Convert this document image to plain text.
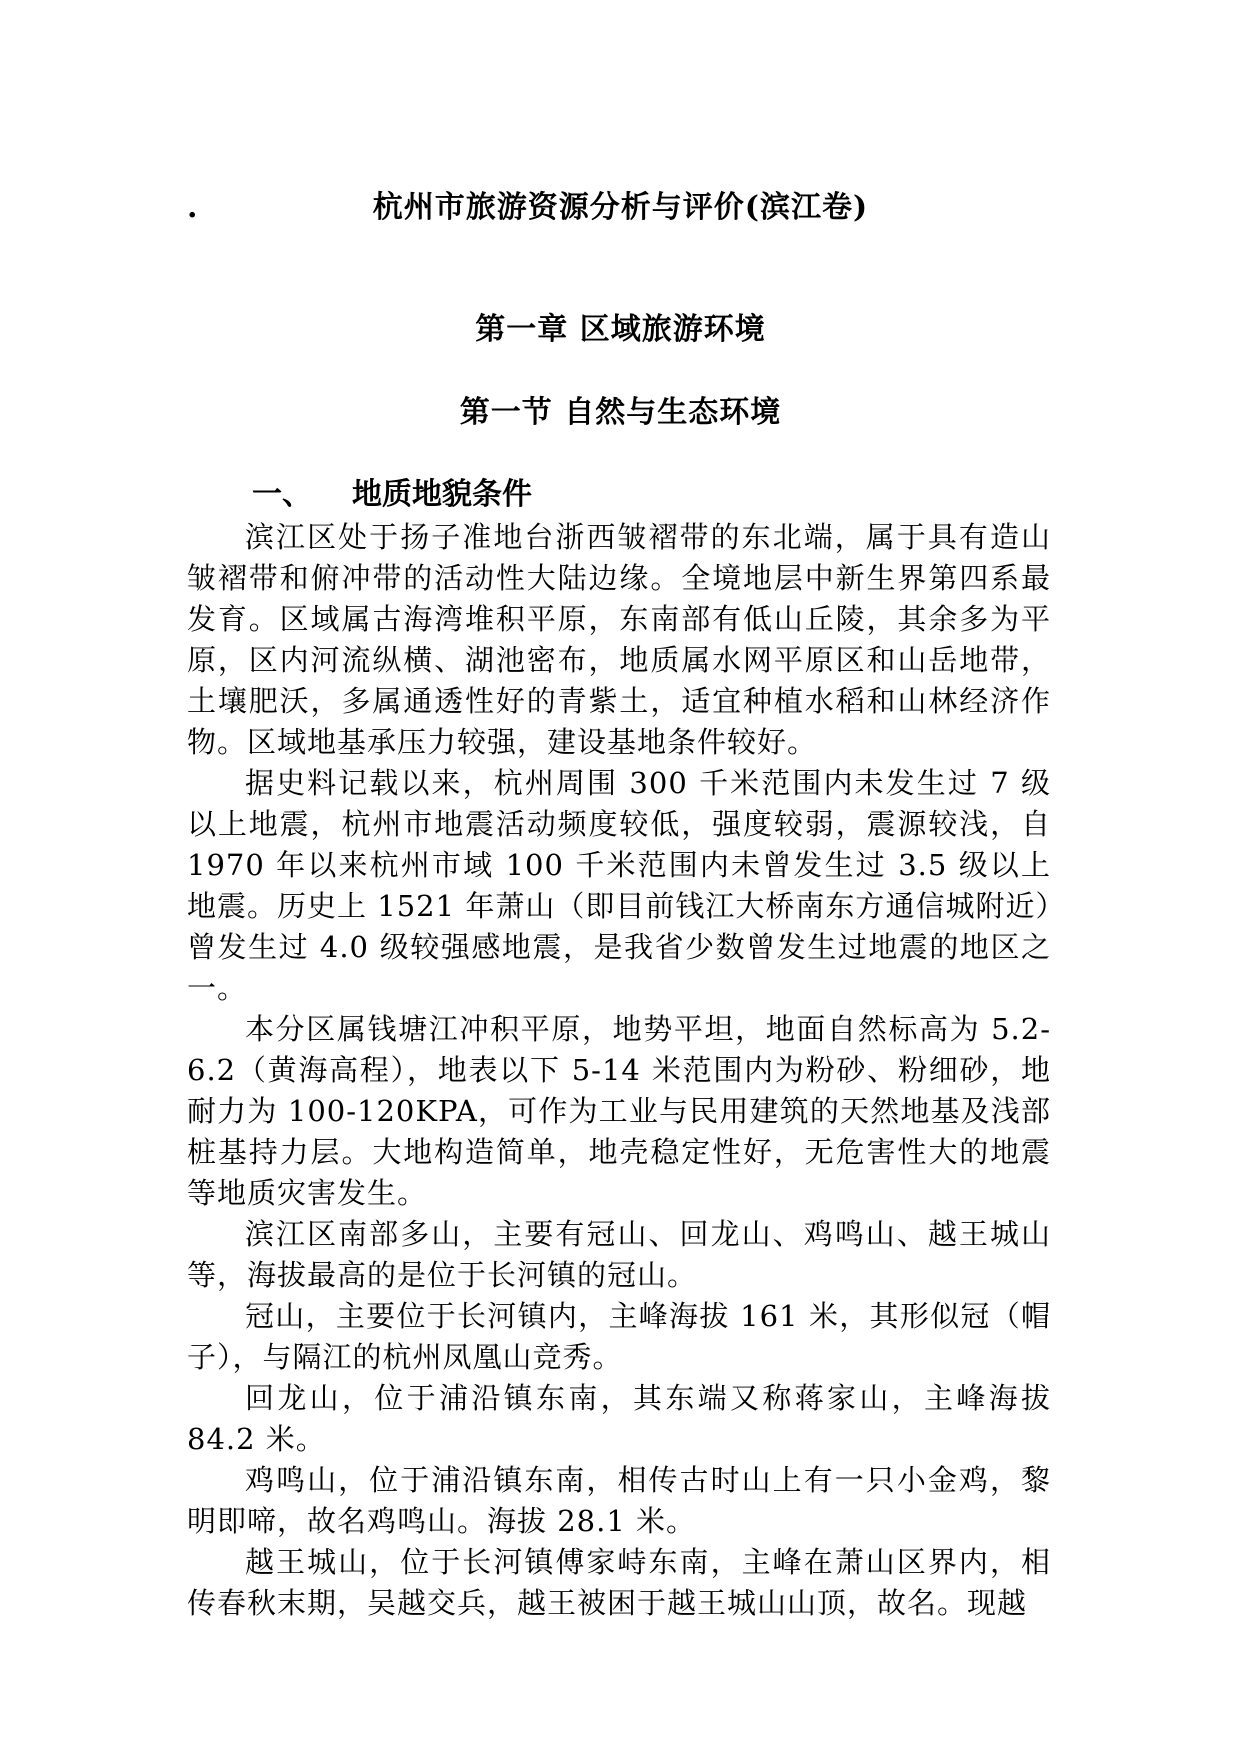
.	杭州市旅游资源分析与评价(滨江卷)
第一章 区域旅游环境
第一节 自然与生态环境
一、 地质地貌条件

滨江区处于扬子准地台浙西皱褶带的东北端，属于具有造山皱褶带和俯冲带的活动性大陆边缘。全境地层中新生界第四系最发育。区域属古海湾堆积平原，东南部有低山丘陵，其余多为平原，区内河流纵横、湖池密布，地质属水网平原区和山岳地带，土壤肥沃，多属通透性好的青紫土，适宜种植水稻和山林经济作物。区域地基承压力较强，建设基地条件较好。

据史料记载以来，杭州周围 300 千米范围内未发生过 7 级以上地震，杭州市地震活动频度较低，强度较弱，震源较浅，自 1970 年以来杭州市域 100 千米范围内未曾发生过 3.5 级以上地震。历史上 1521 年萧山（即目前钱江大桥南东方通信城附近）曾发生过 4.0 级较强感地震，是我省少数曾发生过地震的地区之一。

本分区属钱塘江冲积平原，地势平坦，地面自然标高为 5.2-6.2（黄海高程），地表以下 5-14 米范围内为粉砂、粉细砂，地耐力为 100-120KPA，可作为工业与民用建筑的天然地基及浅部桩基持力层。大地构造简单，地壳稳定性好，无危害性大的地震等地质灾害发生。

滨江区南部多山，主要有冠山、回龙山、鸡鸣山、越王城山等，海拔最高的是位于长河镇的冠山。

冠山，主要位于长河镇内，主峰海拔 161 米，其形似冠（帽子），与隔江的杭州凤凰山竞秀。

回龙山，位于浦沿镇东南，其东端又称蒋家山，主峰海拔 84.2 米。

鸡鸣山，位于浦沿镇东南，相传古时山上有一只小金鸡，黎明即啼，故名鸡鸣山。海拔 28.1 米。

越王城山，位于长河镇傅家峙东南，主峰在萧山区界内，相传春秋末期，吴越交兵，越王被困于越王城山山顶，故名。现越
